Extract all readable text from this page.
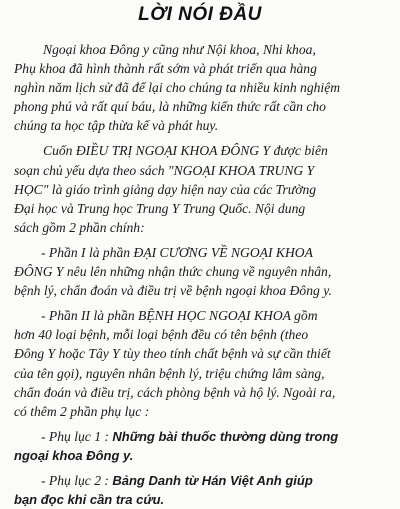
LỜI NÓI ĐẦU

Ngoại khoa Đông y cũng như Nội khoa, Nhi khoa,
Phụ khoa đã hình thành rất sớm và phát triển qua hàng
nghìn năm lịch sử đã để lại cho chúng ta nhiều kinh nghiệm
phong phú và rất quí báu, là những kiến thức rất cần cho
chúng ta học tập thừa kế và phát huy.

Cuốn ĐIỀU TRỊ NGOẠI KHOA ĐÔNG Y được biên
soạn chủ yếu dựa theo sách "NGOẠI KHOA TRUNG Y
HỌC" là giáo trình giảng dạy hiện nay của các Trường
Đại học và Trung học Trung Y Trung Quốc. Nội dung
sách gồm 2 phần chính:

- Phần I là phần ĐẠI CƯƠNG VỀ NGOẠI KHOA
ĐÔNG Y nêu lên những nhận thức chung về nguyên nhân,
bệnh lý, chẩn đoán và điều trị về bệnh ngoại khoa Đông y.

- Phần II là phần BỆNH HỌC NGOẠI KHOA gồm
hơn 40 loại bệnh, mỗi loại bệnh đều có tên bệnh (theo
Đông Y hoặc Tây Y tùy theo tính chất bệnh và sự cần thiết
của tên gọi), nguyên nhân bệnh lý, triệu chứng lâm sàng,
chẩn đoán và điều trị, cách phòng bệnh và hộ lý. Ngoài ra,
có thêm 2 phần phụ lục :

- Phụ lục 1 : Những bài thuốc thường dùng trong
ngoại khoa Đông y.

- Phụ lục 2 : Bảng Danh từ Hán Việt Anh giúp
bạn đọc khi cần tra cứu.
